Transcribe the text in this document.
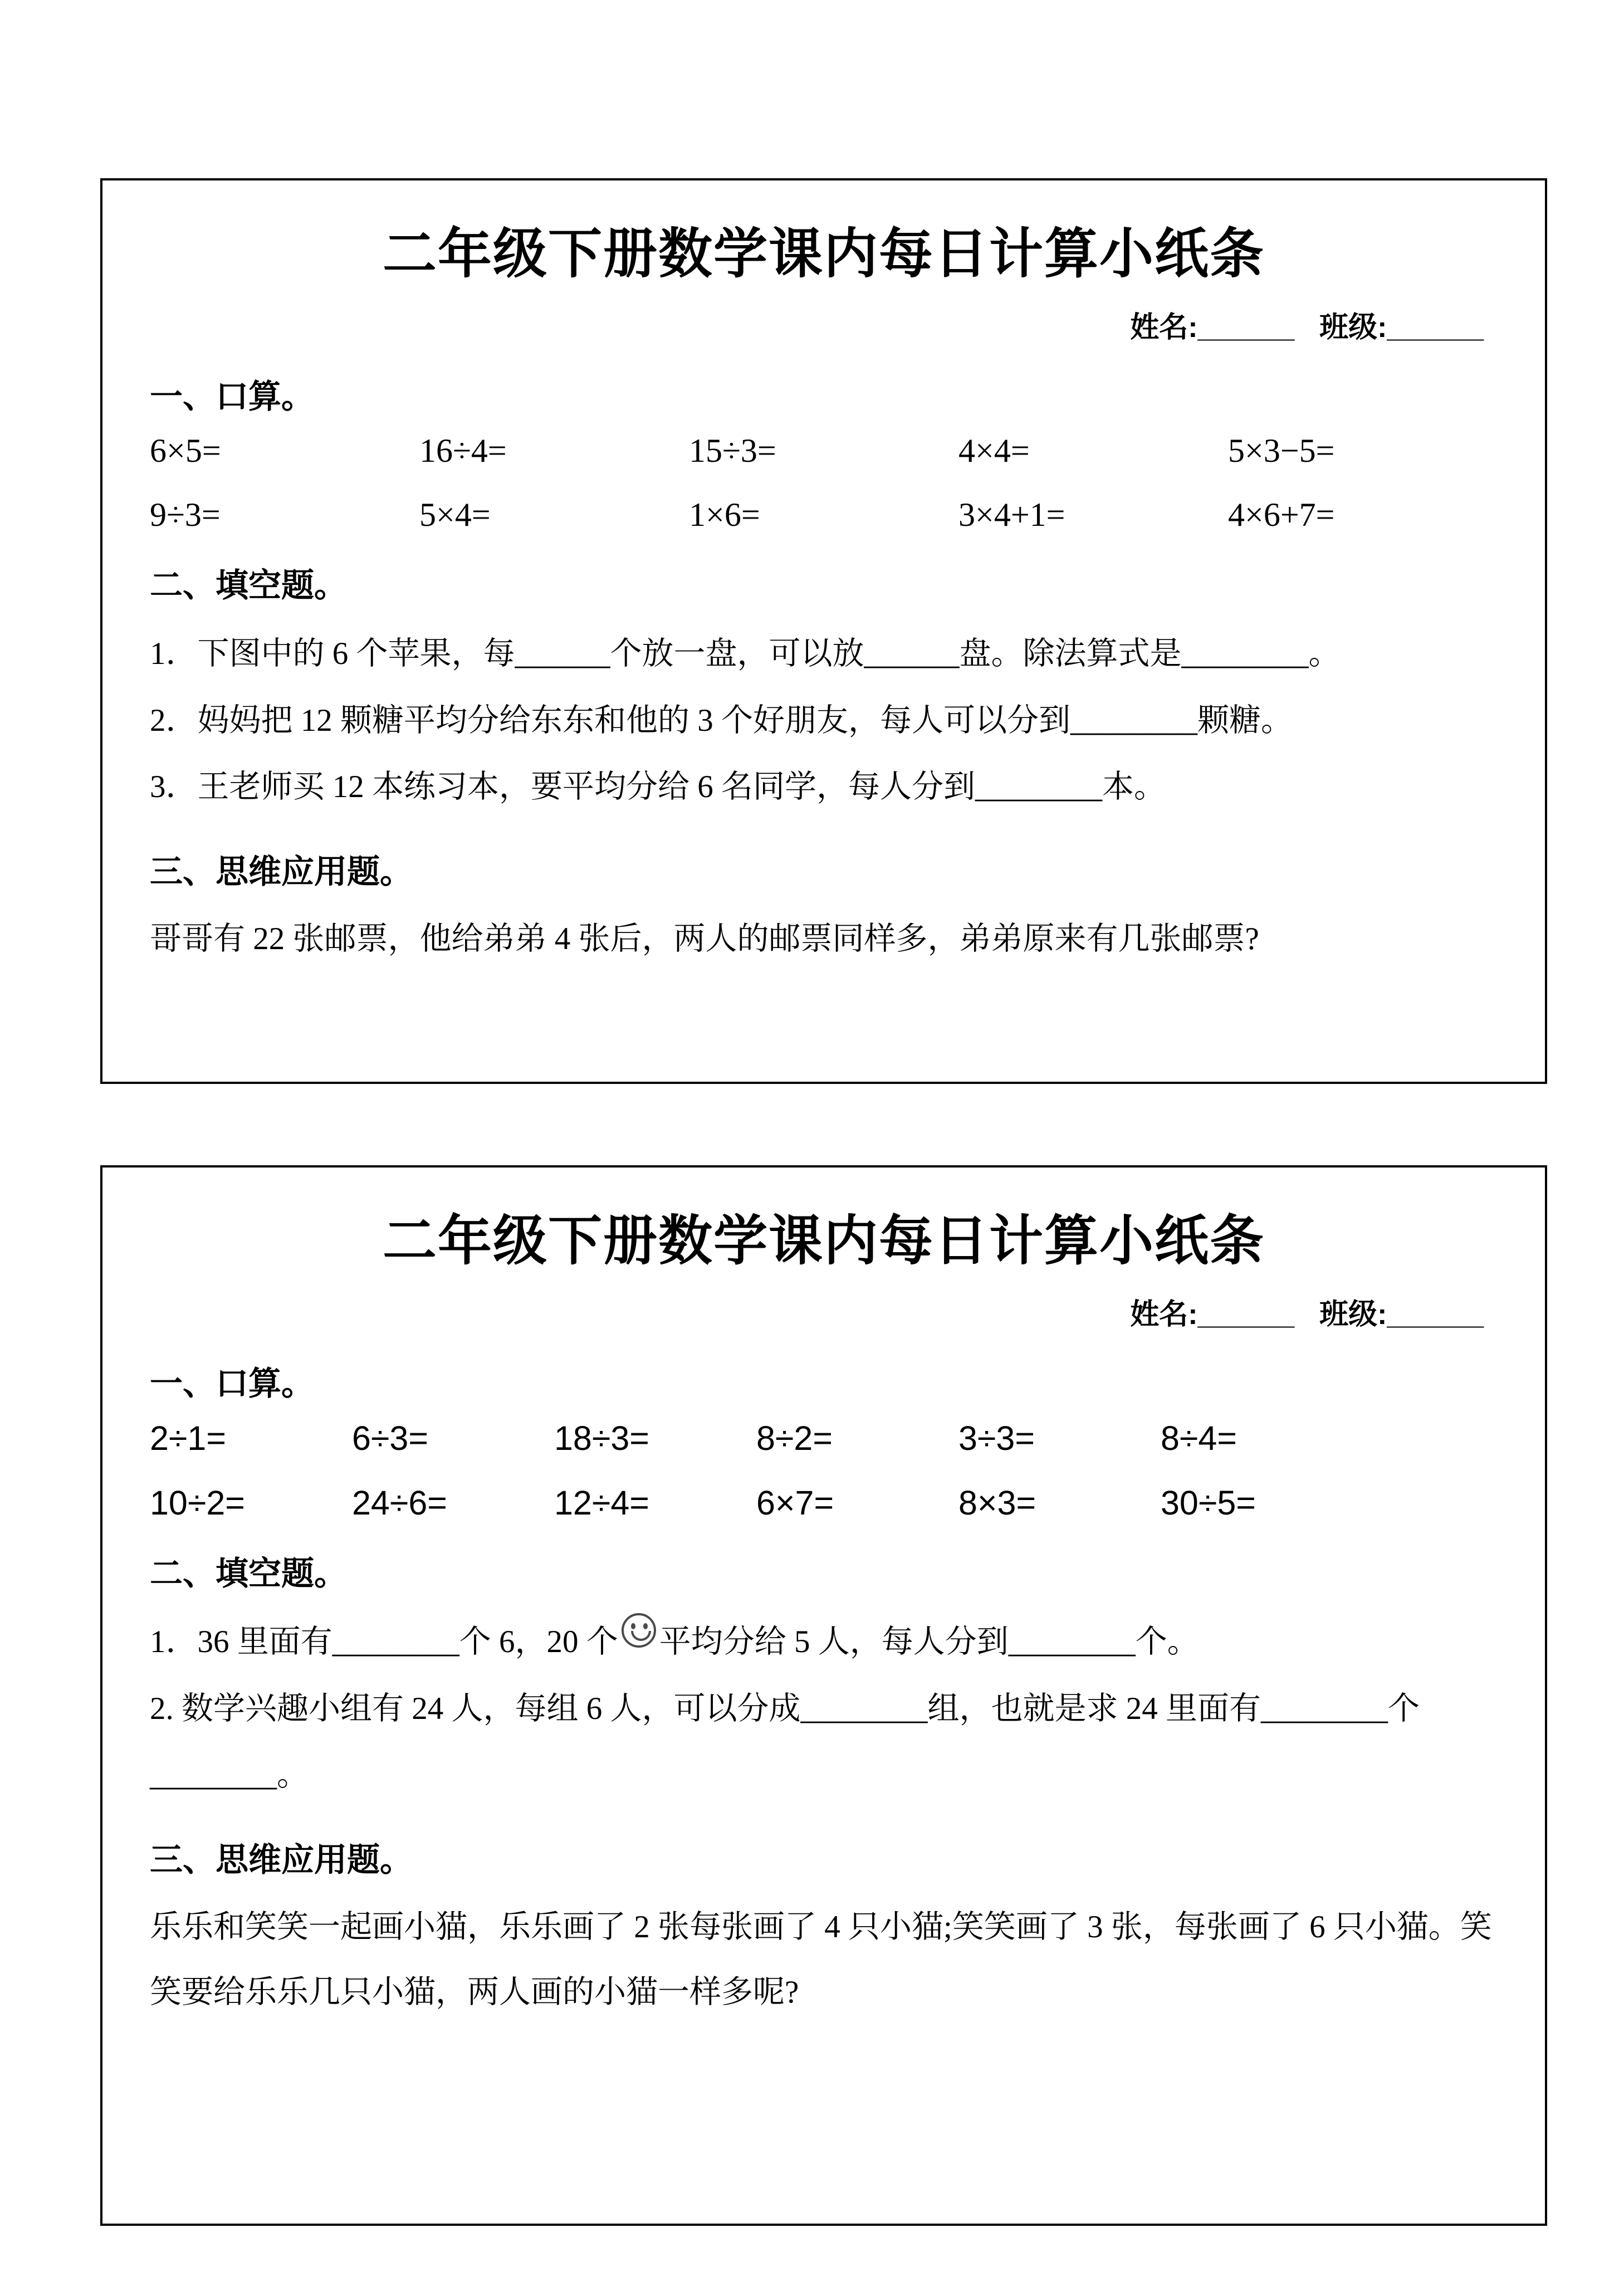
二年级下册数学课内每日计算小纸条
姓名:______ 班级:______
一、口算。
6×5=	16÷4=	15÷3=	4×4=	5×3−5=
9÷3=	5×4=	1×6=	3×4+1=	4×6+7=
二、填空题。
1．下图中的 6 个苹果，每______个放一盘，可以放______盘。除法算式是________。
2．妈妈把 12 颗糖平均分给东东和他的 3 个好朋友，每人可以分到________颗糖。
3．王老师买 12 本练习本，要平均分给 6 名同学，每人分到________本。
三、思维应用题。
哥哥有 22 张邮票，他给弟弟 4 张后，两人的邮票同样多，弟弟原来有几张邮票?
二年级下册数学课内每日计算小纸条
姓名:______ 班级:______
一、口算。
2÷1=	6÷3=	18÷3=	8÷2=	3÷3=	8÷4=
10÷2=	24÷6=	12÷4=	6×7=	8×3=	30÷5=
二、填空题。
1．36 里面有________个 6，20 个 平均分给 5 人，每人分到________个。
2. 数学兴趣小组有 24 人，每组 6 人，可以分成________组，也就是求 24 里面有________个________。
三、思维应用题。
乐乐和笑笑一起画小猫，乐乐画了 2 张每张画了 4 只小猫;笑笑画了 3 张，每张画了 6 只小猫。笑笑要给乐乐几只小猫，两人画的小猫一样多呢?
